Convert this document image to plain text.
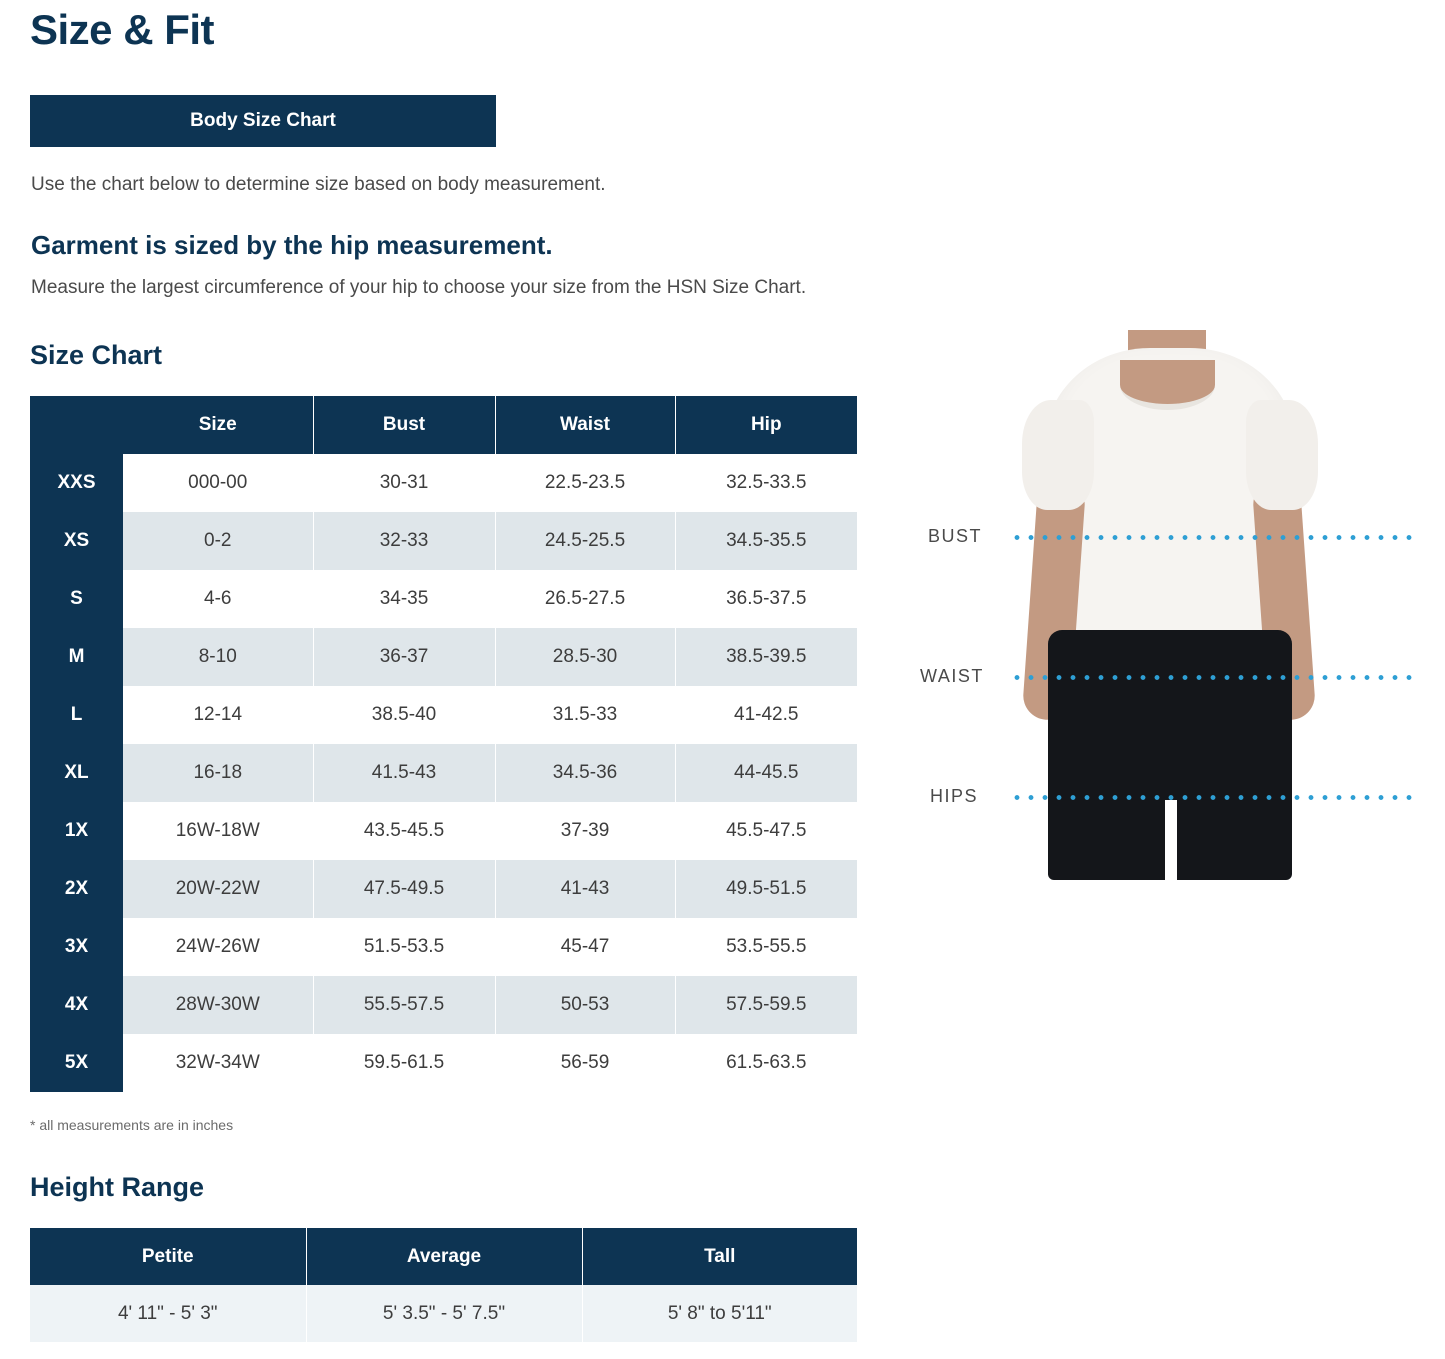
Size & Fit
Body Size Chart
Use the chart below to determine size based on body measurement.
Garment is sized by the hip measurement.
Measure the largest circumference of your hip to choose your size from the HSN Size Chart.
Size Chart
	Size	Bust	Waist	Hip
XXS	000-00	30-31	22.5-23.5	32.5-33.5
XS	0-2	32-33	24.5-25.5	34.5-35.5
S	4-6	34-35	26.5-27.5	36.5-37.5
M	8-10	36-37	28.5-30	38.5-39.5
L	12-14	38.5-40	31.5-33	41-42.5
XL	16-18	41.5-43	34.5-36	44-45.5
1X	16W-18W	43.5-45.5	37-39	45.5-47.5
2X	20W-22W	47.5-49.5	41-43	49.5-51.5
3X	24W-26W	51.5-53.5	45-47	53.5-55.5
4X	28W-30W	55.5-57.5	50-53	57.5-59.5
5X	32W-34W	59.5-61.5	56-59	61.5-63.5
* all measurements are in inches
Height Range
Petite	Average	Tall
4' 11" - 5' 3"	5' 3.5" - 5' 7.5"	5' 8" to 5'11"
BUST
WAIST
HIPS
